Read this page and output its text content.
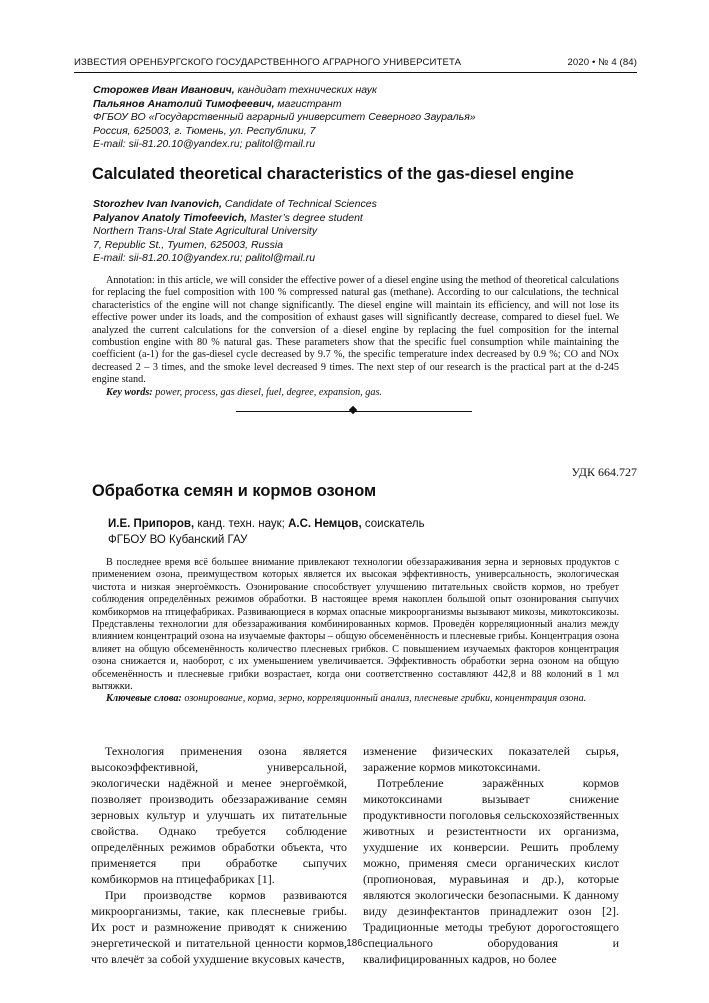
ИЗВЕСТИЯ ОРЕНБУРГСКОГО ГОСУДАРСТВЕННОГО АГРАРНОГО УНИВЕРСИТЕТА	2020 • № 4 (84)
Сторожев Иван Иванович, кандидат технических наук
Пальянов Анатолий Тимофеевич, магистрант
ФГБОУ ВО «Государственный аграрный университет Северного Зауралья»
Россия, 625003, г. Тюмень, ул. Республики, 7
E-mail: sii-81.20.10@yandex.ru; palitol@mail.ru
Calculated theoretical characteristics of the gas-diesel engine
Storozhev Ivan Ivanovich, Candidate of Technical Sciences
Palyanov Anatoly Timofeevich, Master’s degree student
Northern Trans-Ural State Agricultural University
7, Republic St., Tyumen, 625003, Russia
E-mail: sii-81.20.10@yandex.ru; palitol@mail.ru

Annotation: in this article, we will consider the effective power of a diesel engine using the method of theoretical calculations for replacing the fuel composition with 100 % compressed natural gas (methane). According to our calculations, the technical characteristics of the engine will not change significantly. The diesel engine will maintain its efficiency, and will not lose its effective power under its loads, and the composition of exhaust gases will significantly decrease, compared to diesel fuel. We analyzed the current calculations for the conversion of a diesel engine by replacing the fuel composition for the internal combustion engine with 80 % natural gas. These parameters show that the specific fuel consumption while maintaining the coefficient (a-1) for the gas-diesel cycle decreased by 9.7 %, the specific temperature index decreased by 0.9 %; CO and NOx decreased 2 – 3 times, and the smoke level decreased 9 times. The next step of our research is the practical part at the d-245 engine stand.

Key words: power, process, gas diesel, fuel, degree, expansion, gas.

УДК 664.727
Обработка семян и кормов озоном
И.Е. Припоров, канд. техн. наук; А.С. Немцов, соискатель
ФГБОУ ВО Кубанский ГАУ

В последнее время всё большее внимание привлекают технологии обеззараживания зерна и зерновых продуктов с применением озона, преимуществом которых является их высокая эффективность, универсальность, экологическая чистота и низкая энергоёмкость. Озонирование способствует улучшению питательных свойств кормов, но требует соблюдения определённых режимов обработки. В настоящее время накоплен большой опыт озонирования сыпучих комбикормов на птицефабриках. Развивающиеся в кормах опасные микроорганизмы вызывают микозы, микотоксикозы. Представлены технологии для обеззараживания комбинированных кормов. Проведён корреляционный анализ между влиянием концентраций озона на изучаемые факторы – общую обсеменённость и плесневые грибы. Концентрация озона влияет на общую обсеменённость количество плесневых грибков. С повышением изучаемых факторов концентрация озона снижается и, наоборот, с их уменьшением увеличивается. Эффективность обработки зерна озоном на общую обсеменённость и плесневые грибки возрастает, когда они соответственно составляют 442,8 и 88 колоний в 1 мл вытяжки.

Ключевые слова: озонирование, корма, зерно, корреляционный анализ, плесневые грибки, концентрация озона.

Технология применения озона является высокоэффективной, универсальной, экологически надёжной и менее энергоёмкой, позволяет производить обеззараживание семян зерновых культур и улучшать их питательные свойства. Однако требуется соблюдение определённых режимов обработки объекта, что применяется при обработке сыпучих комбикормов на птицефабриках [1].

При производстве кормов развиваются микроорганизмы, такие, как плесневые грибы. Их рост и размножение приводят к снижению энергетической и питательной ценности кормов, что влечёт за собой ухудшение вкусовых качеств,

изменение физических показателей сырья, заражение кормов микотоксинами.

Потребление заражённых кормов микотоксинами вызывает снижение продуктивности поголовья сельскохозяйственных животных и резистентности их организма, ухудшение их конверсии. Решить проблему можно, применяя смеси органических кислот (пропионовая, муравьиная и др.), которые являются экологически безопасными. К данному виду дезинфектантов принадлежит озон [2]. Традиционные методы требуют дорогостоящего специального оборудования и квалифицированных кадров, но более

186
